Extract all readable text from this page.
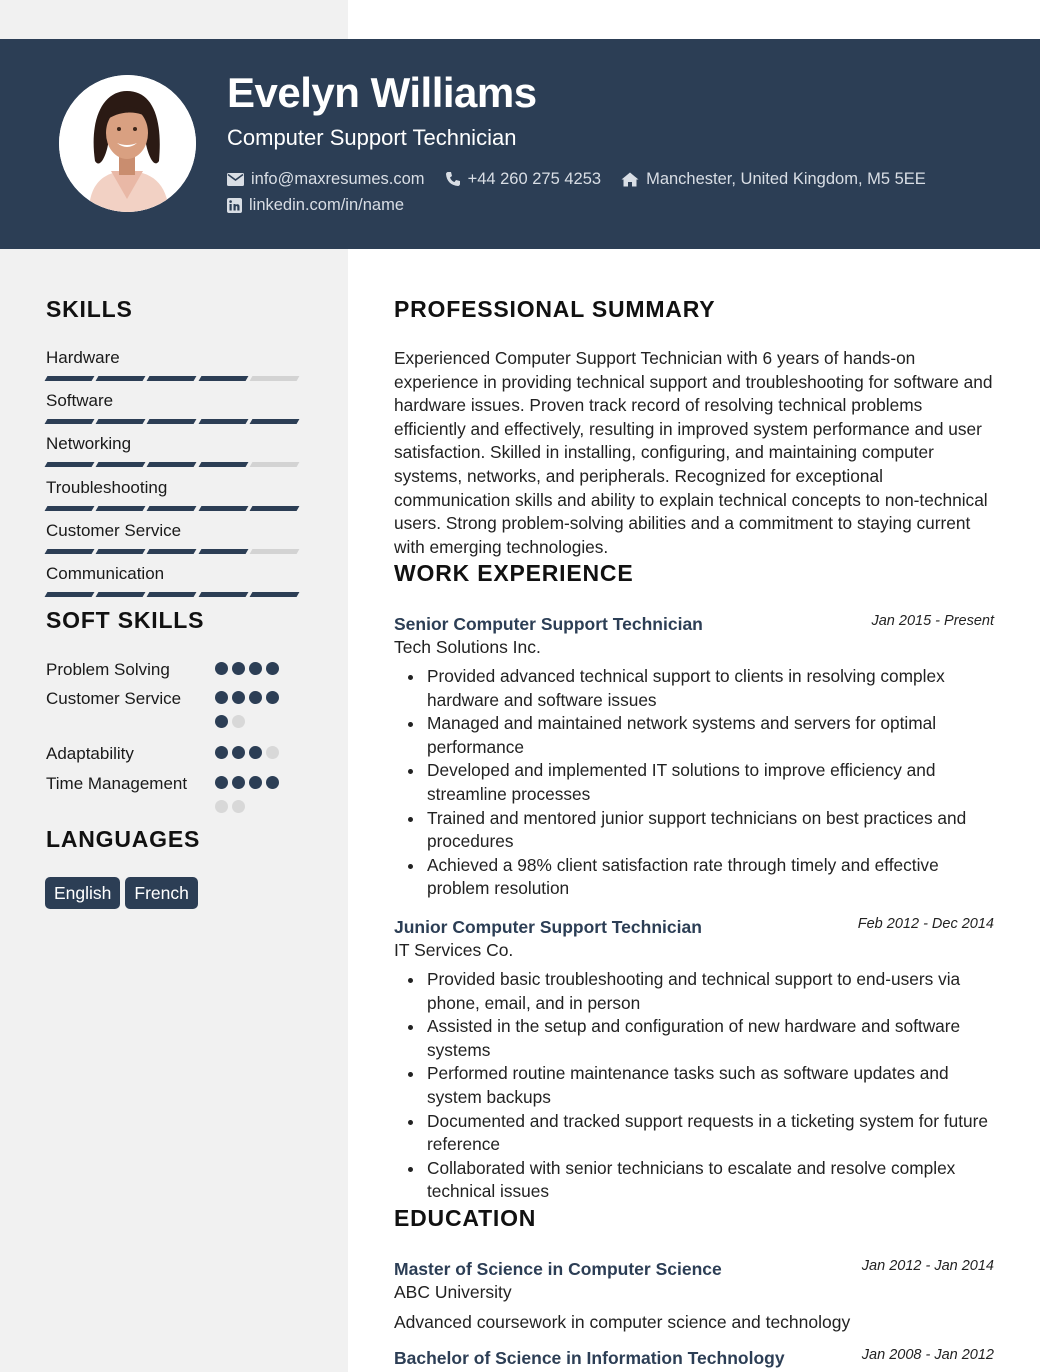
Evelyn Williams
Computer Support Technician
info@maxresumes.com	+44 260 275 4253	Manchester, United Kingdom, M5 5EE
linkedin.com/in/name
SKILLS
Hardware
Software
Networking
Troubleshooting
Customer Service
Communication
SOFT SKILLS
Problem Solving
Customer Service
Adaptability
Time Management
LANGUAGES
English	French
PROFESSIONAL SUMMARY
Experienced Computer Support Technician with 6 years of hands-on experience in providing technical support and troubleshooting for software and hardware issues. Proven track record of resolving technical problems efficiently and effectively, resulting in improved system performance and user satisfaction. Skilled in installing, configuring, and maintaining computer systems, networks, and peripherals. Recognized for exceptional communication skills and ability to explain technical concepts to non-technical users. Strong problem-solving abilities and a commitment to staying current with emerging technologies.
WORK EXPERIENCE
Senior Computer Support Technician	Jan 2015 - Present
Tech Solutions Inc.
Provided advanced technical support to clients in resolving complex hardware and software issues
Managed and maintained network systems and servers for optimal performance
Developed and implemented IT solutions to improve efficiency and streamline processes
Trained and mentored junior support technicians on best practices and procedures
Achieved a 98% client satisfaction rate through timely and effective problem resolution
Junior Computer Support Technician	Feb 2012 - Dec 2014
IT Services Co.
Provided basic troubleshooting and technical support to end-users via phone, email, and in person
Assisted in the setup and configuration of new hardware and software systems
Performed routine maintenance tasks such as software updates and system backups
Documented and tracked support requests in a ticketing system for future reference
Collaborated with senior technicians to escalate and resolve complex technical issues
EDUCATION
Master of Science in Computer Science	Jan 2012 - Jan 2014
ABC University
Advanced coursework in computer science and technology
Bachelor of Science in Information Technology	Jan 2008 - Jan 2012
